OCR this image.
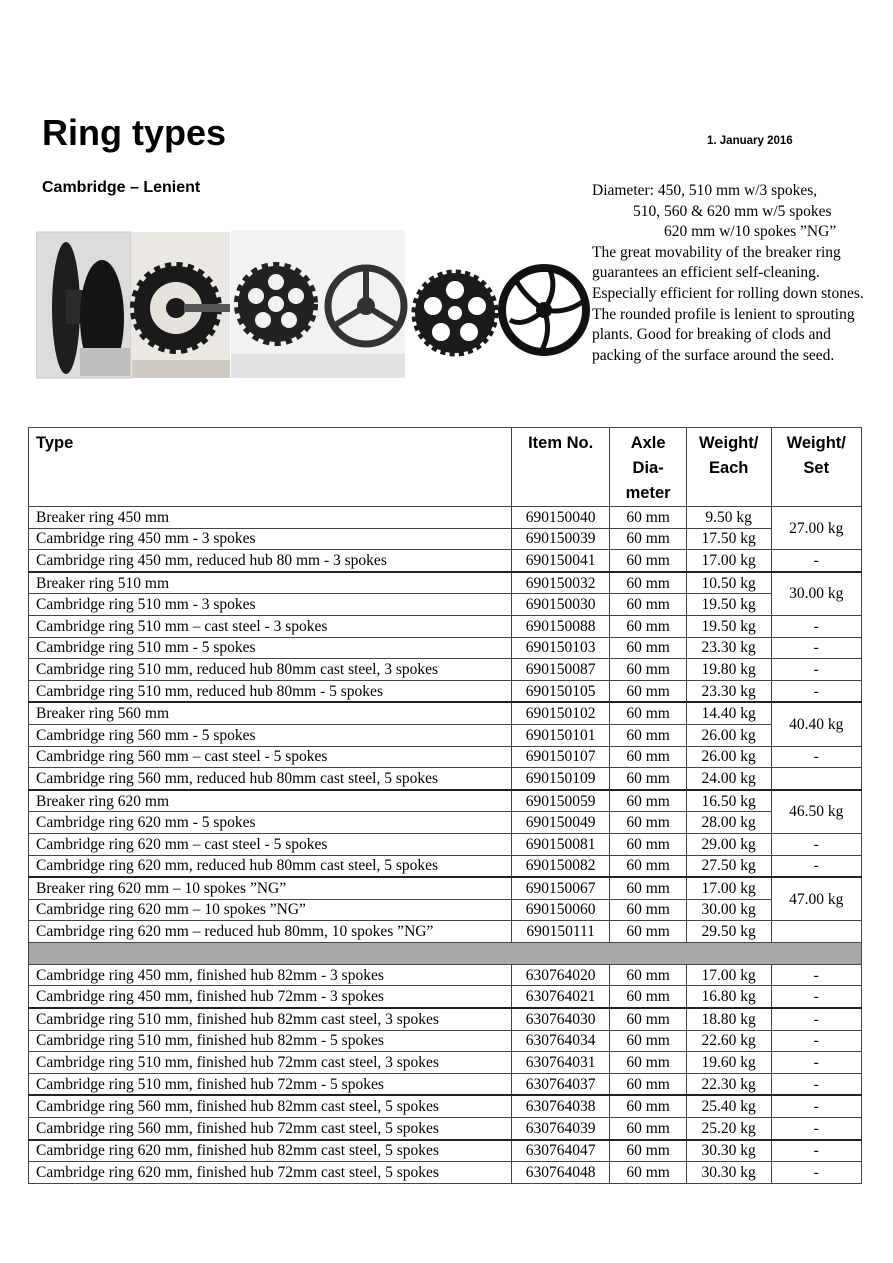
Ring types	1. January 2016
Cambridge – Lenient	Diameter: 450, 510 mm w/3 spokes,
510, 560 & 620 mm w/5 spokes
620 mm w/10 spokes ”NG”
The great movability of the breaker ring guarantees an efficient self-cleaning. Especially efficient for rolling down stones. The rounded profile is lenient to sprouting plants. Good for breaking of clods and packing of the surface around the seed.
Type	Item No.	Axle Dia-meter	Weight/ Each	Weight/ Set
Breaker ring 450 mm	690150040	60 mm	9.50 kg	27.00 kg
Cambridge ring 450 mm - 3 spokes	690150039	60 mm	17.50 kg	
Cambridge ring 450 mm, reduced hub 80 mm - 3 spokes	690150041	60 mm	17.00 kg	-
Breaker ring 510 mm	690150032	60 mm	10.50 kg	30.00 kg
Cambridge ring 510 mm - 3 spokes	690150030	60 mm	19.50 kg	
Cambridge ring 510 mm – cast steel - 3 spokes	690150088	60 mm	19.50 kg	-
Cambridge ring 510 mm - 5 spokes	690150103	60 mm	23.30 kg	-
Cambridge ring 510 mm, reduced hub 80mm cast steel, 3 spokes	690150087	60 mm	19.80 kg	-
Cambridge ring 510 mm, reduced hub 80mm - 5 spokes	690150105	60 mm	23.30 kg	-
Breaker ring 560 mm	690150102	60 mm	14.40 kg	40.40 kg
Cambridge ring 560 mm - 5 spokes	690150101	60 mm	26.00 kg	
Cambridge ring 560 mm – cast steel - 5 spokes	690150107	60 mm	26.00 kg	-
Cambridge ring 560 mm, reduced hub 80mm cast steel, 5 spokes	690150109	60 mm	24.00 kg	
Breaker ring 620 mm	690150059	60 mm	16.50 kg	46.50 kg
Cambridge ring 620 mm - 5 spokes	690150049	60 mm	28.00 kg	
Cambridge ring 620 mm – cast steel - 5 spokes	690150081	60 mm	29.00 kg	-
Cambridge ring 620 mm, reduced hub 80mm cast steel, 5 spokes	690150082	60 mm	27.50 kg	-
Breaker ring 620 mm – 10 spokes ”NG”	690150067	60 mm	17.00 kg	47.00 kg
Cambridge ring 620 mm – 10 spokes ”NG”	690150060	60 mm	30.00 kg	
Cambridge ring 620 mm – reduced hub 80mm, 10 spokes ”NG”	690150111	60 mm	29.50 kg	

Cambridge ring 450 mm, finished hub 82mm - 3 spokes	630764020	60 mm	17.00 kg	-
Cambridge ring 450 mm, finished hub 72mm - 3 spokes	630764021	60 mm	16.80 kg	-
Cambridge ring 510 mm, finished hub 82mm cast steel, 3 spokes	630764030	60 mm	18.80 kg	-
Cambridge ring 510 mm, finished hub 82mm - 5 spokes	630764034	60 mm	22.60 kg	-
Cambridge ring 510 mm, finished hub 72mm cast steel, 3 spokes	630764031	60 mm	19.60 kg	-
Cambridge ring 510 mm, finished hub 72mm - 5 spokes	630764037	60 mm	22.30 kg	-
Cambridge ring 560 mm, finished hub 82mm cast steel, 5 spokes	630764038	60 mm	25.40 kg	-
Cambridge ring 560 mm, finished hub 72mm cast steel, 5 spokes	630764039	60 mm	25.20 kg	-
Cambridge ring 620 mm, finished hub 82mm cast steel, 5 spokes	630764047	60 mm	30.30 kg	-
Cambridge ring 620 mm, finished hub 72mm cast steel, 5 spokes	630764048	60 mm	30.30 kg	-
